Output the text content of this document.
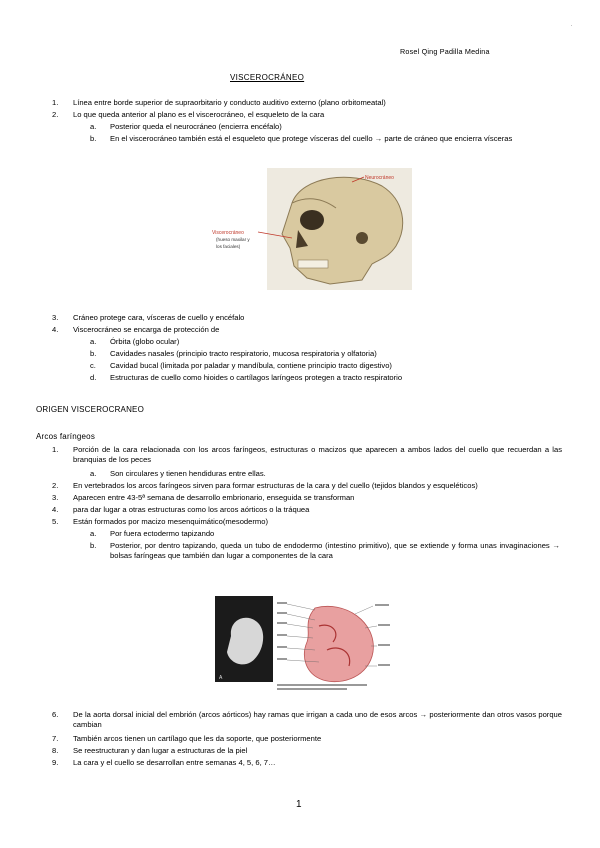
·
Rosel Qing Padilla Medina
VISCEROCRÁNEO
1. Línea entre borde superior de supraorbitario y conducto auditivo externo (plano orbitomeatal)
2. Lo que queda anterior al plano es el viscerocráneo, el esqueleto de la cara
a. Posterior queda el neurocráneo (encierra encéfalo)
b. En el viscerocráneo también está el esqueleto que protege vísceras del cuello → parte de cráneo que encierra vísceras
Neurocráneo
Viscerocráneo
(hueso maxilar y
los faciales)
3. Cráneo protege cara, vísceras de cuello y encéfalo
4. Viscerocráneo se encarga de protección de
a. Órbita (globo ocular)
b. Cavidades nasales (principio tracto respiratorio, mucosa respiratoria y olfatoria)
c. Cavidad bucal (limitada por paladar y mandíbula, contiene principio tracto digestivo)
d. Estructuras de cuello como hioides o cartílagos laríngeos protegen a tracto respiratorio
ORIGEN VISCEROCRANEO
Arcos faríngeos
1. Porción de la cara relacionada con los arcos faríngeos, estructuras o macizos que aparecen a ambos lados del cuello que recuerdan a las branquias de los peces
a. Son circulares y tienen hendiduras entre ellas.
2. En vertebrados los arcos faríngeos sirven para formar estructuras de la cara y del cuello (tejidos blandos y esqueléticos)
3. Aparecen entre 43-5ª semana de desarrollo embrionario, enseguida se transforman
4. para dar lugar a otras estructuras como los arcos aórticos o la tráquea
5. Están formados por macizo mesenquimático(mesodermo)
a. Por fuera ectodermo tapizando
b. Posterior, por dentro tapizando, queda un tubo de endodermo (intestino primitivo), que se extiende y forma unas invaginaciones → bolsas faríngeas que también dan lugar a componentes de la cara
A
6. De la aorta dorsal inicial del embrión (arcos aórticos) hay ramas que irrigan a cada uno de esos arcos → posteriormente dan otros vasos porque cambian
7. También arcos tienen un cartílago que les da soporte, que posteriormente
8. Se reestructuran y dan lugar a estructuras de la piel
9. La cara y el cuello se desarrollan entre semanas 4, 5, 6, 7…
1
